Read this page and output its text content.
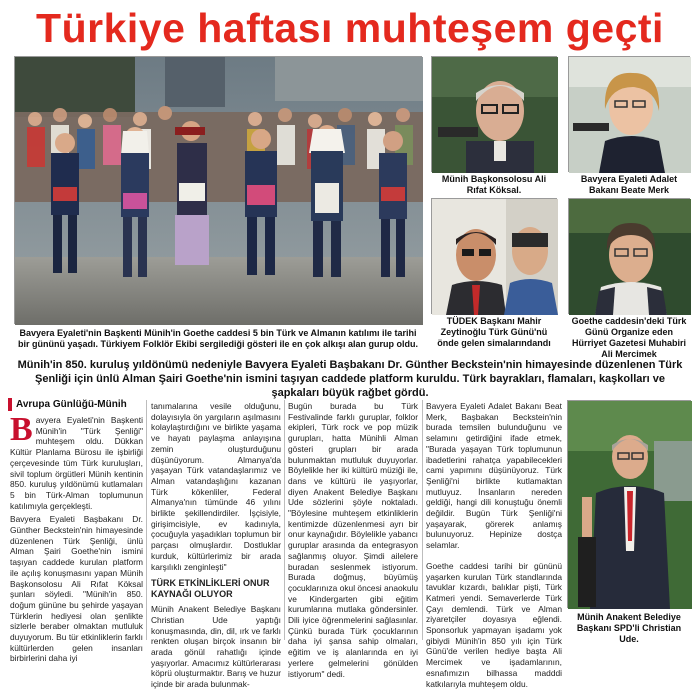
Türkiye haftası muhteşem geçti
Bavyera Eyaleti'nin Başkenti Münih'in Goethe caddesi 5 bin Türk ve Almanın katılımı ile tarihi bir gününü yaşadı. Türkiyem Folklör Ekibi sergilediği gösteri ile en çok alkışı alan gurup oldu.
Münih Başkonsolosu Ali Rıfat Köksal.
Bavyera Eyaleti Adalet Bakanı Beate Merk
TÜDEK Başkanı Mahir Zeytinoğlu Türk Günü'nü önde gelen simalarındandı
Goethe caddesin'deki Türk Günü Organize eden Hürriyet Gazetesi Muhabiri Ali Mercimek
Münih'in 850. kuruluş yıldönümü nedeniyle Bavyera Eyaleti Başbakanı Dr. Günther Beckstein'nin himayesinde düzenlenen Türk Şenliği için ünlü Alman Şairi Goethe'nin ismini taşıyan caddede platform kuruldu. Türk bayrakları, flamaları, kaşkolları ve şapkaları büyük rağbet gördü.
Avrupa Günlüğü-Münih
B avyera Eyaleti'nin Başkenti Münih'in "Türk Şenliği" muhteşem oldu. Dükkan Kültür Planlama Bürosu ile işbirliği çerçevesinde tüm Türk kuruluşları, sivil toplum örgütleri Münih kentinin 850. kuruluş yıldönümü kutlamaları 5 bin Türk-Alman toplumunun katılımıyla gerçekleşti.

Bavyera Eyaleti Başbakanı Dr. Günther Beckstein'nin himayesinde düzenlenen Türk Şenliği, ünlü Alman Şairi Goethe'nin ismini taşıyan caddede kurulan platform ile açılış konuşmasını yapan Münih Başkonsolosu Ali Rıfat Köksal şunları söyledi. "Münih'in 850. doğum gününe bu şehirde yaşayan Türklerin hediyesi olan şenlikte sizlerle beraber olmaktan mutluluk duyuyorum. Bu tür etkinliklerin farklı kültürlerden gelen insanları birbirlerini daha iyi

tanımalarına vesile olduğunu, dolayısıyla ön yargıların aşılmasını kolaylaştırdığını ve birlikte yaşama ve hayatı paylaşma anlayışına zemin oluşturduğunu düşünüyorum. Almanya'da yaşayan Türk vatandaşlarımız ve Alman vatandaşlığını kazanan Türk kökenliler, Federal Almanya'nın tümünde 46 yılını birlikte şekillendirdiler. İşçisiyle, girişimcisiyle, ev kadınıyla, çocuğuyla yaşadıkları toplumun bir parçası olmuşlardır. Dostluklar kurduk, kültürlerimiz bir arada karşılıklı zenginleşti"

TÜRK ETKİNLİKLERİ ONUR KAYNAĞI OLUYOR

Münih Anakent Belediye Başkanı Christian Ude yaptığı konuşmasında, din, dil, ırk ve farklı renkten oluşan birçok insanın bir arada gönül rahatlığı içinde yaşıyorlar. Amacımız kültürlerarası köprü oluşturmaktır. Barış ve huzur içinde bir arada bulunmak-

Bugün burada bu Türk Festivalinde farklı guruplar, folklor ekipleri, Türk rock ve pop müzik gurupları, hatta Münihli Alman gösteri grupları bir arada bulunmaktan mutluluk duyuyorlar. Böylelikle her iki kültürü müziği ile, dans ve kültürü ile yaşıyorlar, diyen Anakent Belediye Başkanı Ude sözlerini şöyle noktaladı. "Böylesine muhteşem etkinliklerin kentimizde düzenlenmesi ayrı bir onur kaynağıdır. Böylelikle yabancı guruplar arasında da entegrasyon sağlanmış oluyor. Şimdi ailelere buradan seslenmek istiyorum. Burada doğmuş, büyümüş çocuklarınıza okul öncesi anaokulu ve Kindergarten gibi eğitim kurumlarına mutlaka göndersinler. Dili iyice öğrenmelerini sağlasınlar. Çünkü burada Türk çocuklarının daha iyi şansa sahip olmaları, eğitim ve iş alanlarında en iyi yerlere gelmelerini gönülden istiyorum" dedi.

Bavyera Eyaleti Adalet Bakanı Beat Merk, Başbakan Beckstein'nin burada temsilen bulunduğunu ve selamını getirdiğini ifade etmek, "Burada yaşayan Türk toplumunun ibadetlerini rahatça yapabilecekleri cami yapımını düşünüyoruz. Türk Şenliği'ni birlikte kutlamaktan mutluyuz. İnsanların nereden geldiği, hangi dili konuştuğu önemli değildir. Bugün Türk Şenliği'ni yaşayarak, görerek anlamış bulunuyoruz. Hepinize dostça selamlar.

Goethe caddesi tarihi bir gününü yaşarken kurulan Türk standlarında tavuklar kızardı, balıklar pişti, Türk Katmeri yendi. Semaverlerde Türk Çayı demlendi. Türk ve Alman ziyaretçiler doyasıya eğlendi. Sponsorluk yapmayan işadamı yok gibiydi Münih'in 850 yılı için Türk Günü'de verilen hediye başta Ali Mercimek ve işadamlarının, esnafımızın bilhassa madddi katkılarıyla muhteşem oldu.

Münih Anakent Belediye Başkanı SPD'li Christian Ude.
